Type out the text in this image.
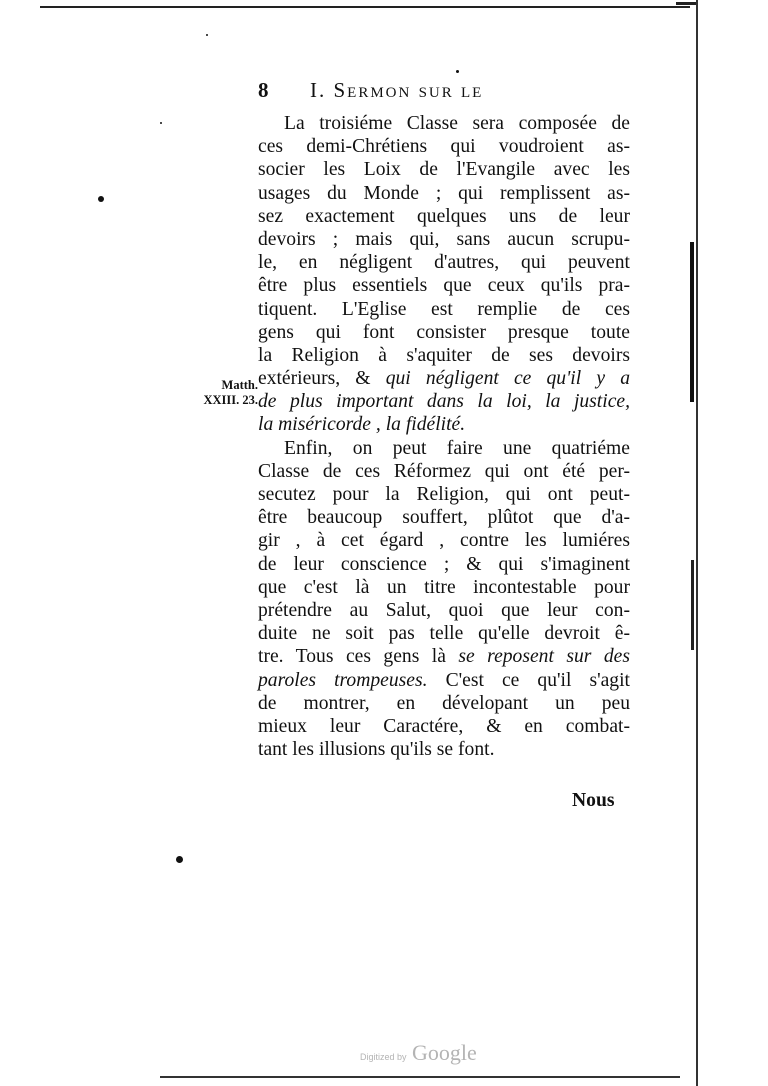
8 I. Sermon sur le
Matth.
XXIII. 23.
La troisiéme Classe sera composée de
ces demi-Chrétiens qui voudroient as-
socier les Loix de l'Evangile avec les
usages du Monde ; qui remplissent as-
sez exactement quelques uns de leur
devoirs ; mais qui, sans aucun scrupu-
le, en négligent d'autres, qui peuvent
être plus essentiels que ceux qu'ils pra-
tiquent. L'Eglise est remplie de ces
gens qui font consister presque toute
la Religion à s'aquiter de ses devoirs
extérieurs, & qui négligent ce qu'il y a
de plus important dans la loi, la justice,
la miséricorde , la fidélité.
Enfin, on peut faire une quatriéme
Classe de ces Réformez qui ont été per-
secutez pour la Religion, qui ont peut-
être beaucoup souffert, plûtot que d'a-
gir , à cet égard , contre les lumiéres
de leur conscience ; & qui s'imaginent
que c'est là un titre incontestable pour
prétendre au Salut, quoi que leur con-
duite ne soit pas telle qu'elle devroit ê-
tre. Tous ces gens là se reposent sur des
paroles trompeuses. C'est ce qu'il s'agit
de montrer, en dévelopant un peu
mieux leur Caractére, & en combat-
tant les illusions qu'ils se font.
Nous
Digitized by Google
